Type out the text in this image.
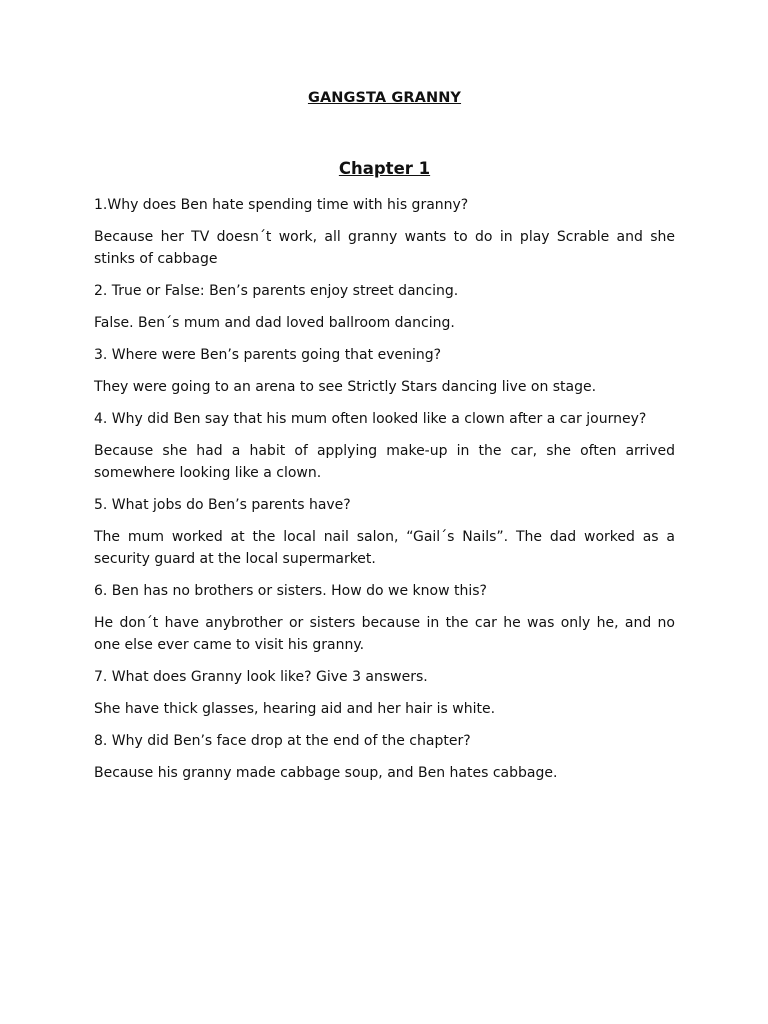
GANGSTA GRANNY
Chapter 1

1.Why does Ben hate spending time with his granny?

Because her TV doesn´t work, all granny wants to do in play Scrable and she stinks of cabbage

2. True or False: Ben’s parents enjoy street dancing.

False. Ben´s mum and dad loved ballroom dancing.

3. Where were Ben’s parents going that evening?

They were going to an arena to see Strictly Stars dancing live on stage.

4. Why did Ben say that his mum often looked like a clown after a car journey?

Because she had a habit of applying make-up in the car, she often arrived somewhere looking like a clown.

5. What jobs do Ben’s parents have?

The mum worked at the local nail salon, “Gail´s Nails”. The dad worked as a security guard at the local supermarket.

6. Ben has no brothers or sisters. How do we know this?

He don´t have anybrother or sisters because in the car he was only he, and no one else ever came to visit his granny.

7. What does Granny look like? Give 3 answers.

She have thick glasses, hearing aid and her hair is white.

8. Why did Ben’s face drop at the end of the chapter?

Because his granny made cabbage soup, and Ben hates cabbage.
